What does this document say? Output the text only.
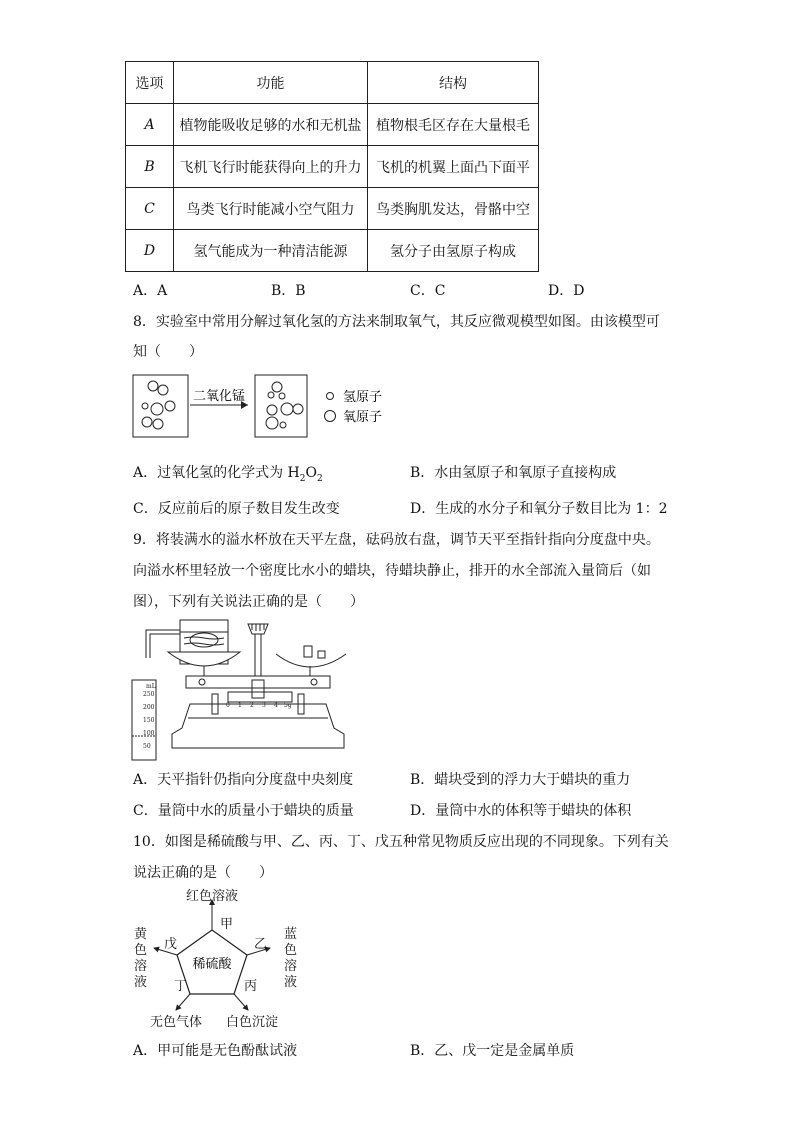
选项	功能	结构
A	植物能吸收足够的水和无机盐	植物根毛区存在大量根毛
B	飞机飞行时能获得向上的升力	飞机的机翼上面凸下面平
C	鸟类飞行时能减小空气阻力	鸟类胸肌发达，骨骼中空
D	氢气能成为一种清洁能源	氢分子由氢原子构成
A．A	B．B	C．C	D．D
8．实验室中常用分解过氧化氢的方法来制取氧气，其反应微观模型如图。由该模型可
知（　　）
二氧化锰	氢原子
氧原子
A．过氧化氢的化学式为 $H_2O_2$	B．水由氢原子和氧原子直接构成
C．反应前后的原子数目发生改变	D．生成的水分子和氧分子数目比为 1：2
9．将装满水的溢水杯放在天平左盘，砝码放右盘，调节天平至指针指向分度盘中央。
向溢水杯里轻放一个密度比水小的蜡块，待蜡块静止，排开的水全部流入量筒后（如
图），下列有关说法正确的是（　　）
mL
250
200
150
100
50
0 1 2 3 4 5g
A．天平指针仍指向分度盘中央刻度	B．蜡块受到的浮力大于蜡块的重力
C．量筒中水的质量小于蜡块的质量	D．量筒中水的体积等于蜡块的体积
10．如图是稀硫酸与甲、乙、丙、丁、戊五种常见物质反应出现的不同现象。下列有关
说法正确的是（　　）
稀硫酸
红色溶液
甲
乙
戊
丁	丙
黄
色
溶
液
蓝
色
溶
液
无色气体 白色沉淀
A．甲可能是无色酚酞试液	B．乙、戊一定是金属单质
